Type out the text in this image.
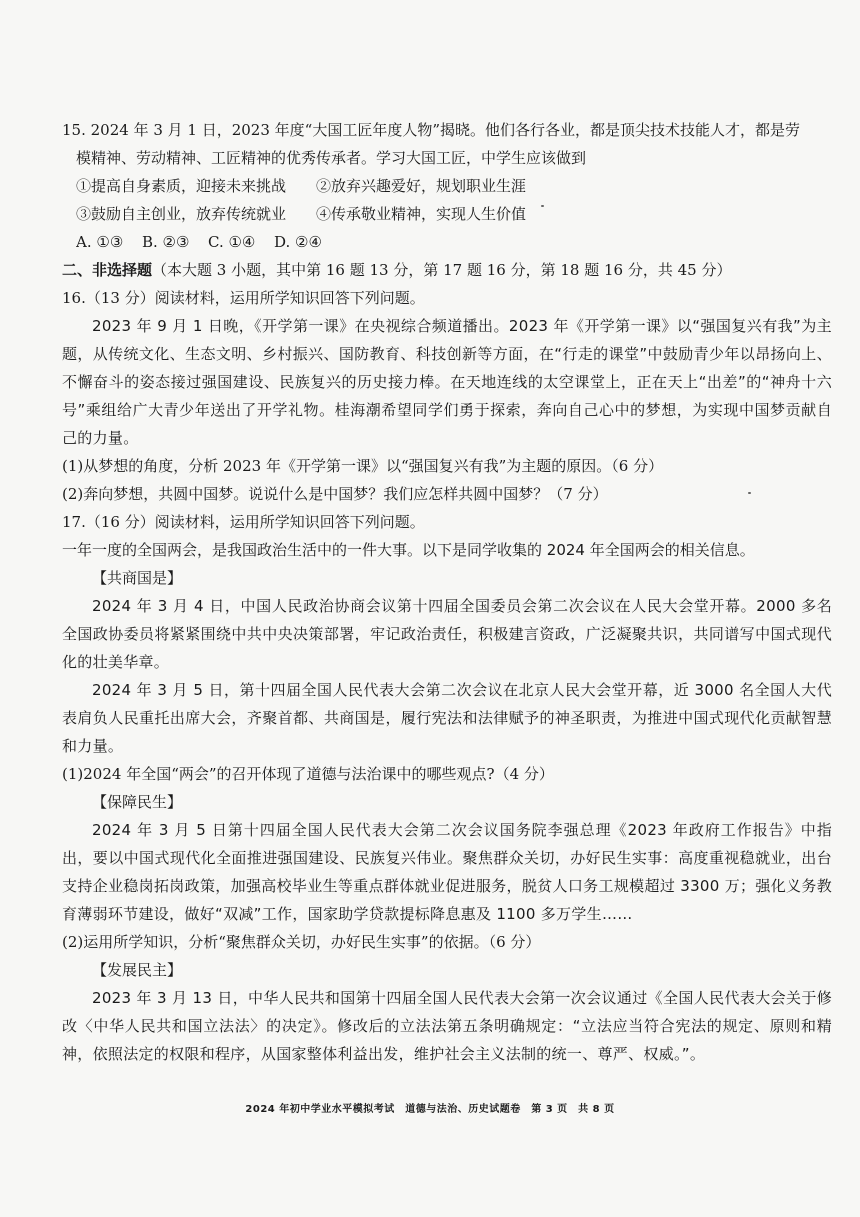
15. 2024 年 3 月 1 日，2023 年度“大国工匠年度人物”揭晓。他们各行各业，都是顶尖技术技能人才，都是劳

模精神、劳动精神、工匠精神的优秀传承者。学习大国工匠，中学生应该做到

①提高自身素质，迎接未来挑战 ②放弃兴趣爱好，规划职业生涯

③鼓励自主创业，放弃传统就业 ④传承敬业精神，实现人生价值

A. ①③ B. ②③ C. ①④ D. ②④

二、非选择题（本大题 3 小题，其中第 16 题 13 分，第 17 题 16 分，第 18 题 16 分，共 45 分）

16.（13 分）阅读材料，运用所学知识回答下列问题。

2023 年 9 月 1 日晚，《开学第一课》在央视综合频道播出。2023 年《开学第一课》以“强国复兴有我”为主题，从传统文化、生态文明、乡村振兴、国防教育、科技创新等方面，在“行走的课堂”中鼓励青少年以昂扬向上、不懈奋斗的姿态接过强国建设、民族复兴的历史接力棒。在天地连线的太空课堂上，正在天上“出差”的“神舟十六号”乘组给广大青少年送出了开学礼物。桂海潮希望同学们勇于探索，奔向自己心中的梦想，为实现中国梦贡献自己的力量。

(1)从梦想的角度，分析 2023 年《开学第一课》以“强国复兴有我”为主题的原因。（6 分）

(2)奔向梦想，共圆中国梦。说说什么是中国梦？我们应怎样共圆中国梦？（7 分）

17.（16 分）阅读材料，运用所学知识回答下列问题。

一年一度的全国两会，是我国政治生活中的一件大事。以下是同学收集的 2024 年全国两会的相关信息。

【共商国是】

2024 年 3 月 4 日，中国人民政治协商会议第十四届全国委员会第二次会议在人民大会堂开幕。2000 多名全国政协委员将紧紧围绕中共中央决策部署，牢记政治责任，积极建言资政，广泛凝聚共识，共同谱写中国式现代化的壮美华章。

2024 年 3 月 5 日，第十四届全国人民代表大会第二次会议在北京人民大会堂开幕，近 3000 名全国人大代表肩负人民重托出席大会，齐聚首都、共商国是，履行宪法和法律赋予的神圣职责，为推进中国式现代化贡献智慧和力量。

(1)2024 年全国“两会”的召开体现了道德与法治课中的哪些观点?（4 分）

【保障民生】

2024 年 3 月 5 日第十四届全国人民代表大会第二次会议国务院李强总理《2023 年政府工作报告》中指出，要以中国式现代化全面推进强国建设、民族复兴伟业。聚焦群众关切，办好民生实事：高度重视稳就业，出台支持企业稳岗拓岗政策，加强高校毕业生等重点群体就业促进服务，脱贫人口务工规模超过 3300 万；强化义务教育薄弱环节建设，做好“双减”工作，国家助学贷款提标降息惠及 1100 多万学生……

(2)运用所学知识，分析“聚焦群众关切，办好民生实事”的依据。（6 分）

【发展民主】

2023 年 3 月 13 日，中华人民共和国第十四届全国人民代表大会第一次会议通过《全国人民代表大会关于修改〈中华人民共和国立法法〉的决定》。修改后的立法法第五条明确规定：“立法应当符合宪法的规定、原则和精神，依照法定的权限和程序，从国家整体利益出发，维护社会主义法制的统一、尊严、权威。”。

2024 年初中学业水平模拟考试　道德与法治、历史试题卷　第 3 页　共 8 页
